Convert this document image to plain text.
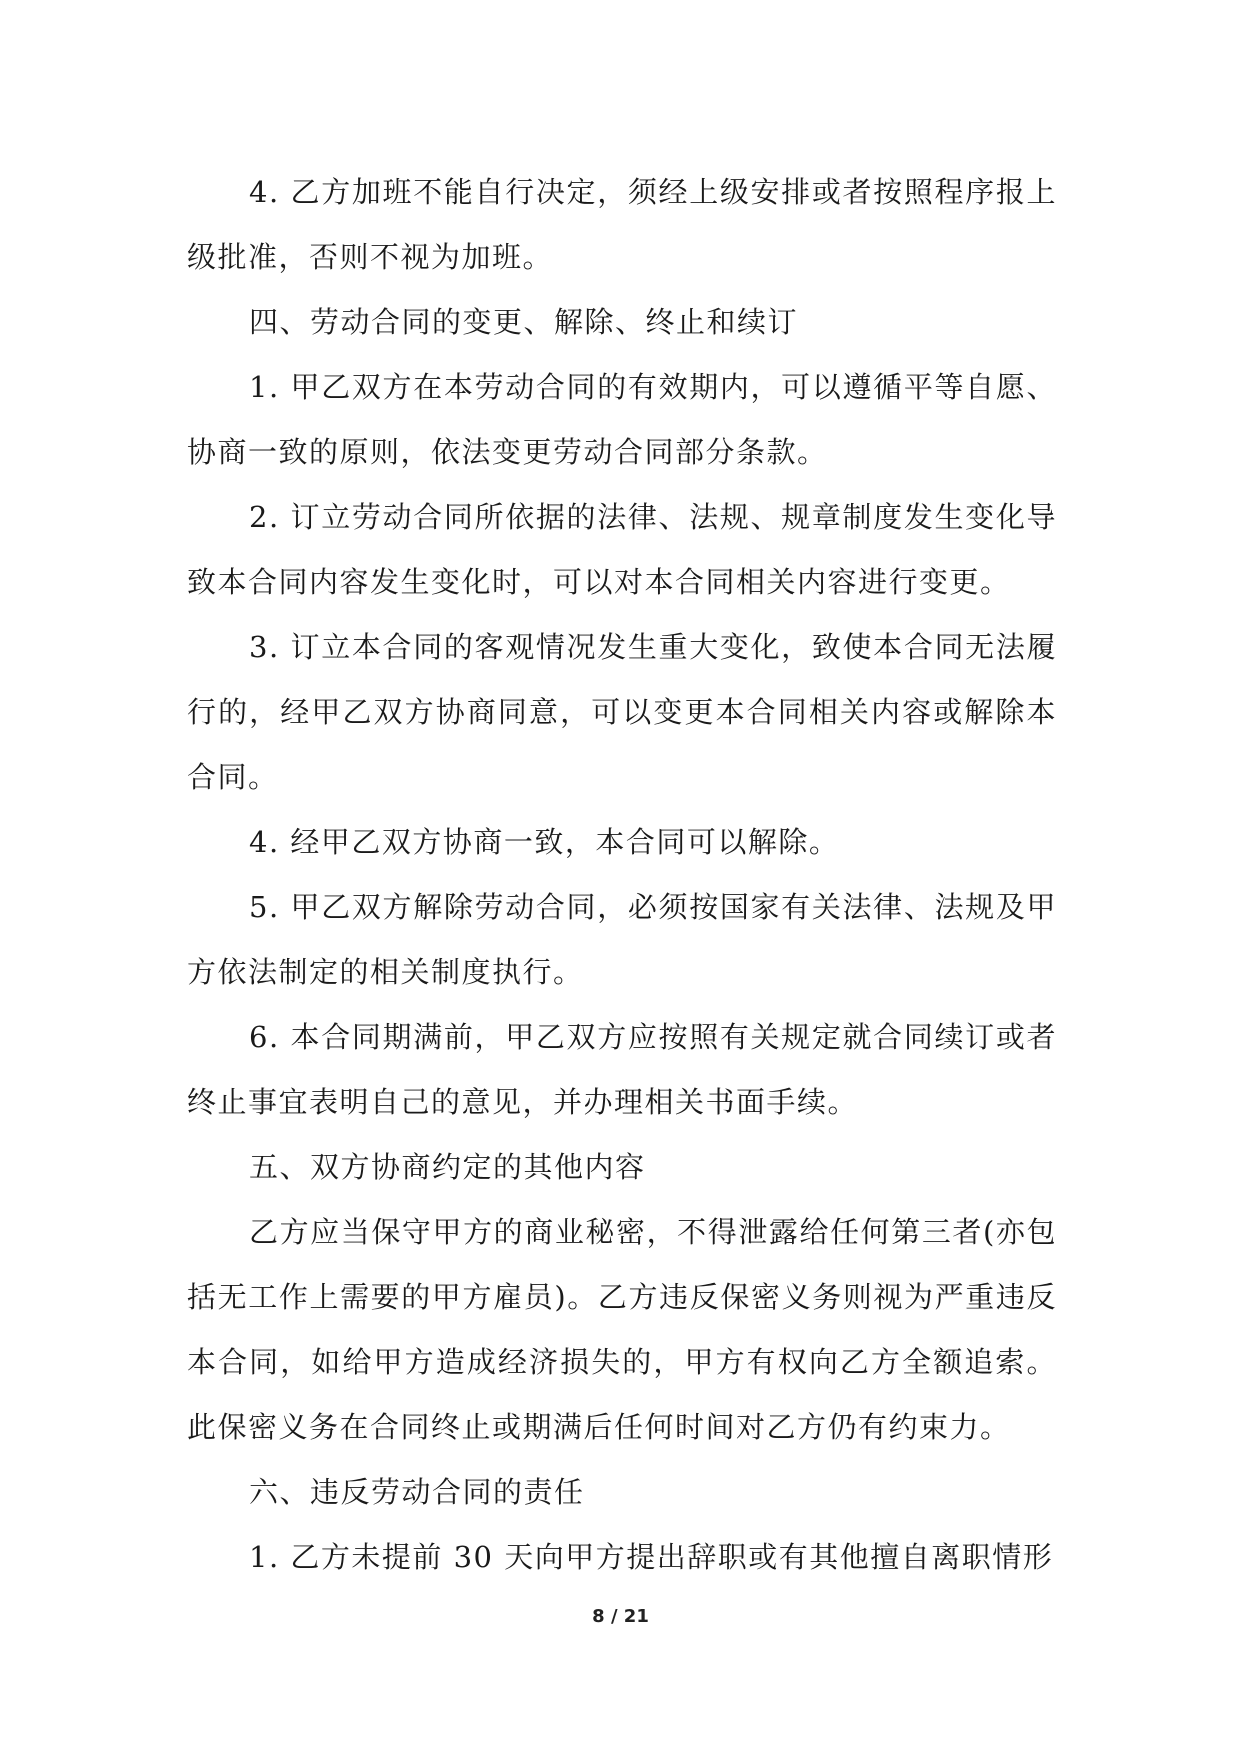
4. 乙方加班不能自行决定，须经上级安排或者按照程序报上级批准，否则不视为加班。

四、劳动合同的变更、解除、终止和续订

1. 甲乙双方在本劳动合同的有效期内，可以遵循平等自愿、协商一致的原则，依法变更劳动合同部分条款。

2. 订立劳动合同所依据的法律、法规、规章制度发生变化导致本合同内容发生变化时，可以对本合同相关内容进行变更。

3. 订立本合同的客观情况发生重大变化，致使本合同无法履行的，经甲乙双方协商同意，可以变更本合同相关内容或解除本合同。

4. 经甲乙双方协商一致，本合同可以解除。

5. 甲乙双方解除劳动合同，必须按国家有关法律、法规及甲方依法制定的相关制度执行。

6. 本合同期满前，甲乙双方应按照有关规定就合同续订或者终止事宜表明自己的意见，并办理相关书面手续。

五、双方协商约定的其他内容

乙方应当保守甲方的商业秘密，不得泄露给任何第三者(亦包括无工作上需要的甲方雇员)。乙方违反保密义务则视为严重违反本合同，如给甲方造成经济损失的，甲方有权向乙方全额追索。此保密义务在合同终止或期满后任何时间对乙方仍有约束力。

六、违反劳动合同的责任

1. 乙方未提前 30 天向甲方提出辞职或有其他擅自离职情形

8 / 21
